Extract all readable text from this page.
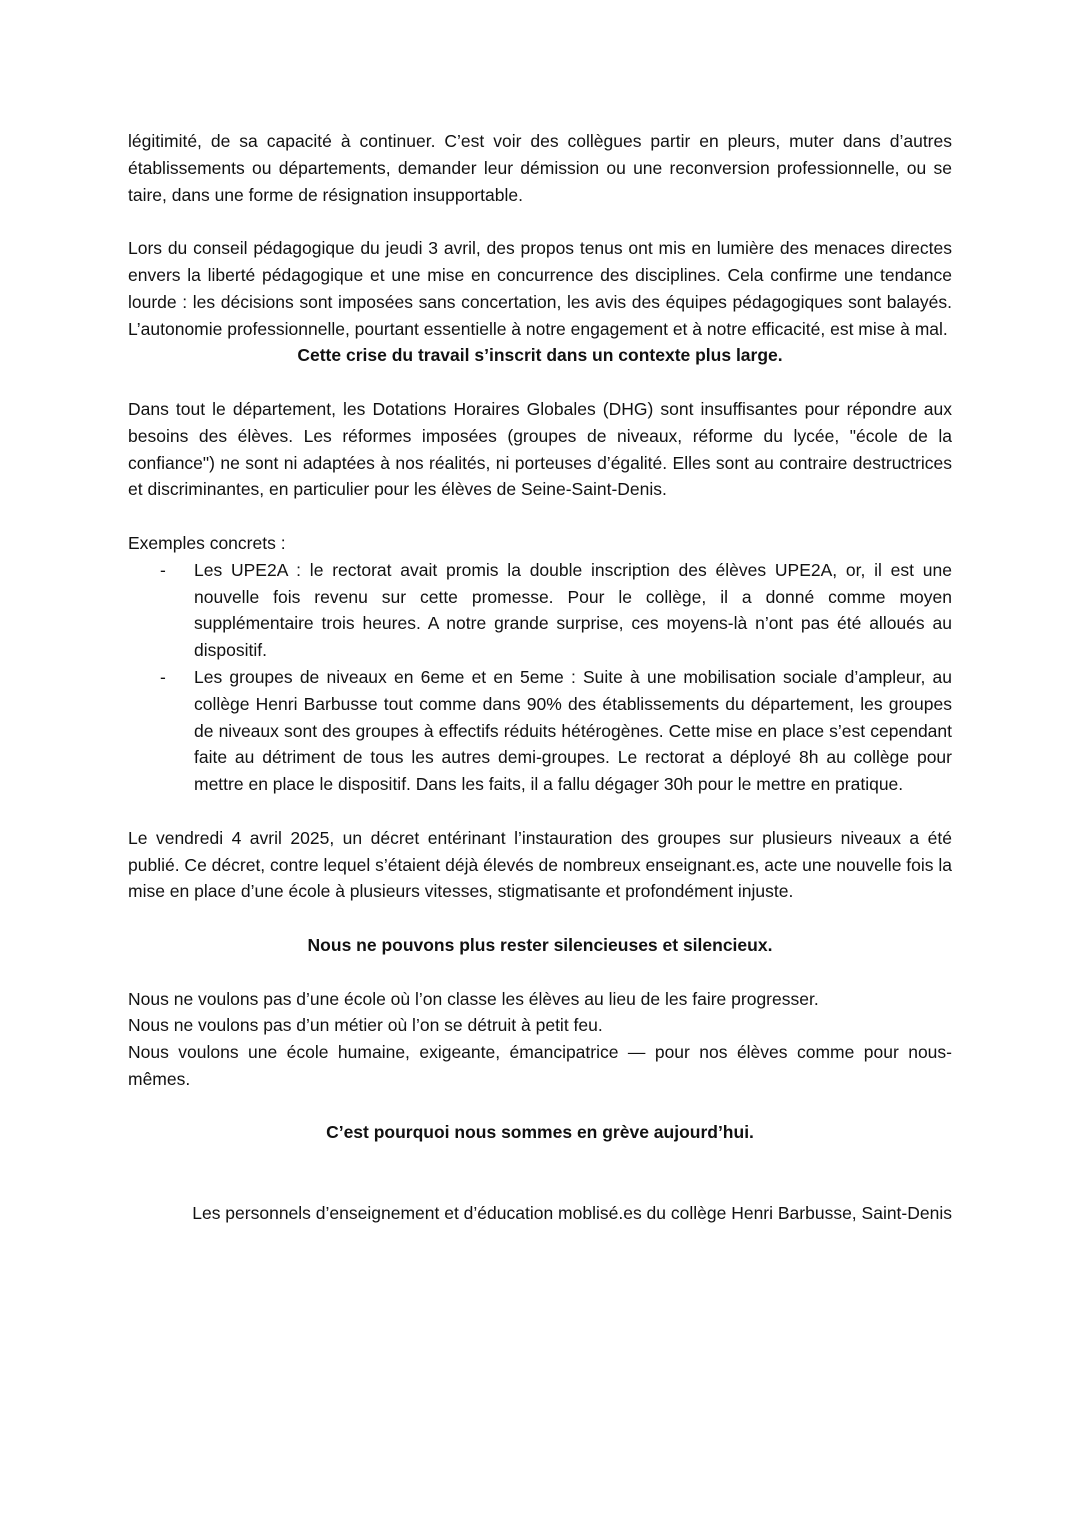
légitimité, de sa capacité à continuer. C’est voir des collègues partir en pleurs, muter dans d’autres établissements ou départements, demander leur démission ou une reconversion professionnelle, ou se taire, dans une forme de résignation insupportable.

Lors du conseil pédagogique du jeudi 3 avril, des propos tenus ont mis en lumière des menaces directes envers la liberté pédagogique et une mise en concurrence des disciplines. Cela confirme une tendance lourde : les décisions sont imposées sans concertation, les avis des équipes pédagogiques sont balayés. L’autonomie professionnelle, pourtant essentielle à notre engagement et à notre efficacité, est mise à mal.

Cette crise du travail s’inscrit dans un contexte plus large.

Dans tout le département, les Dotations Horaires Globales (DHG) sont insuffisantes pour répondre aux besoins des élèves. Les réformes imposées (groupes de niveaux, réforme du lycée, "école de la confiance") ne sont ni adaptées à nos réalités, ni porteuses d’égalité. Elles sont au contraire destructrices et discriminantes, en particulier pour les élèves de Seine-Saint-Denis.

Exemples concrets :

- Les UPE2A : le rectorat avait promis la double inscription des élèves UPE2A, or, il est une nouvelle fois revenu sur cette promesse. Pour le collège, il a donné comme moyen supplémentaire trois heures. A notre grande surprise, ces moyens-là n’ont pas été alloués au dispositif.
- Les groupes de niveaux en 6eme et en 5eme : Suite à une mobilisation sociale d’ampleur, au collège Henri Barbusse tout comme dans 90% des établissements du département, les groupes de niveaux sont des groupes à effectifs réduits hétérogènes. Cette mise en place s’est cependant faite au détriment de tous les autres demi-groupes. Le rectorat a déployé 8h au collège pour mettre en place le dispositif. Dans les faits, il a fallu dégager 30h pour le mettre en pratique.

Le vendredi 4 avril 2025, un décret entérinant l’instauration des groupes sur plusieurs niveaux a été publié. Ce décret, contre lequel s’étaient déjà élevés de nombreux enseignant.es, acte une nouvelle fois la mise en place d’une école à plusieurs vitesses, stigmatisante et profondément injuste.

Nous ne pouvons plus rester silencieuses et silencieux.

Nous ne voulons pas d’une école où l’on classe les élèves au lieu de les faire progresser.

Nous ne voulons pas d’un métier où l’on se détruit à petit feu.

Nous voulons une école humaine, exigeante, émancipatrice — pour nos élèves comme pour nous-mêmes.

C’est pourquoi nous sommes en grève aujourd’hui.

Les personnels d’enseignement et d’éducation moblisé.es du collège Henri Barbusse, Saint-Denis
